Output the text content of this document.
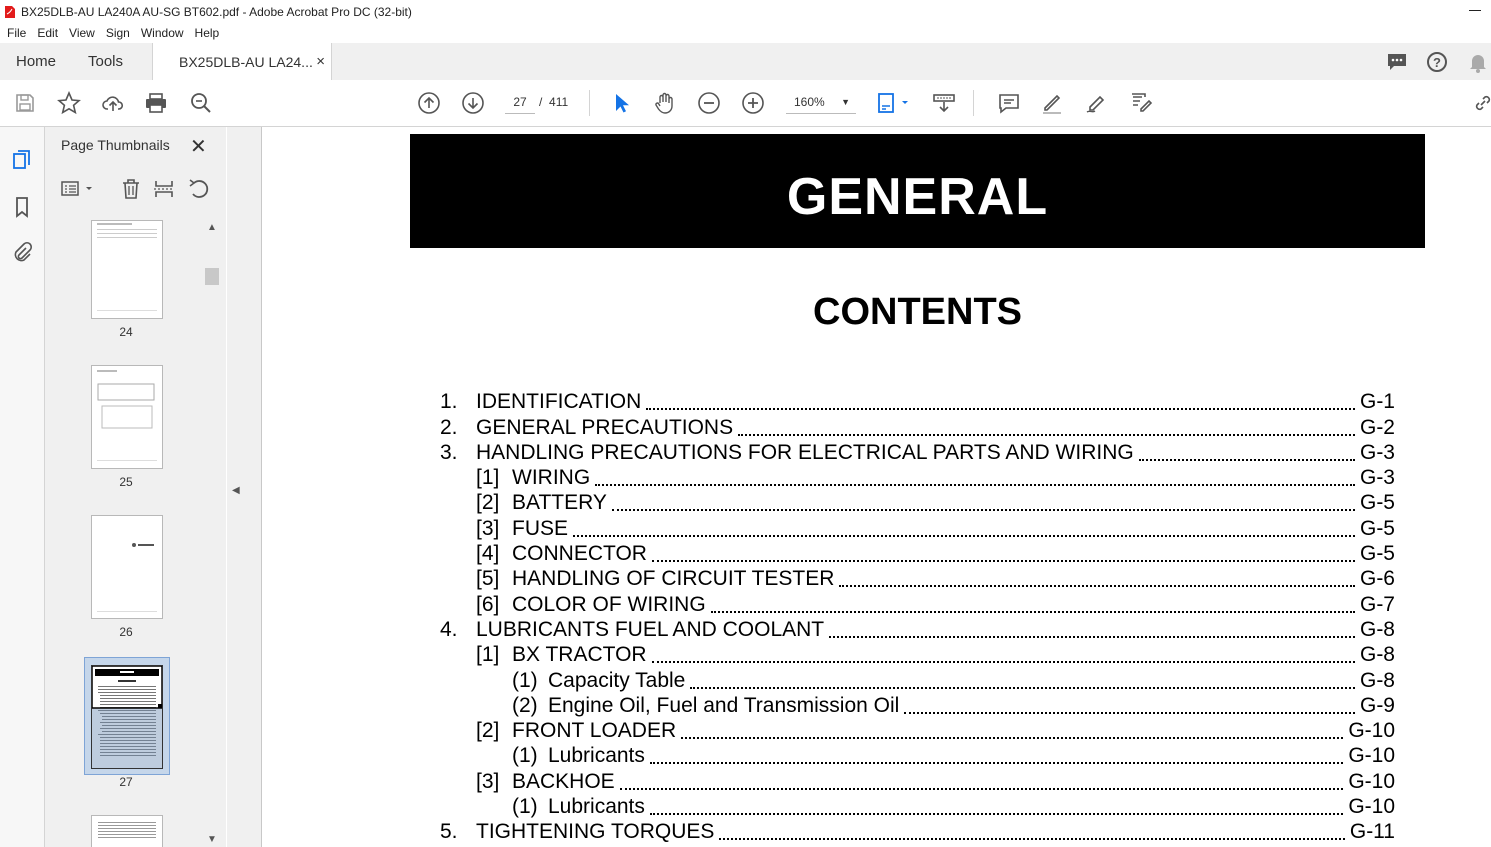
BX25DLB-AU LA240A AU-SG BT602.pdf - Adobe Acrobat Pro DC (32-bit)
File Edit View Sign Window Help
Home Tools	BX25DLB-AU LA24... ×	?
27	/ 411	160% ▼
Page Thumbnails ✕
24
25
26
27
▲
▼
◀
GENERAL
CONTENTS
1. IDENTIFICATION	G-1
2. GENERAL PRECAUTIONS	G-2
3. HANDLING PRECAUTIONS FOR ELECTRICAL PARTS AND WIRING	G-3
[1] WIRING	G-3
[2] BATTERY	G-5
[3] FUSE	G-5
[4] CONNECTOR	G-5
[5] HANDLING OF CIRCUIT TESTER	G-6
[6] COLOR OF WIRING	G-7
4. LUBRICANTS FUEL AND COOLANT	G-8
[1] BX TRACTOR	G-8
(1) Capacity Table	G-8
(2) Engine Oil, Fuel and Transmission Oil	G-9
[2] FRONT LOADER	G-10
(1) Lubricants	G-10
[3] BACKHOE	G-10
(1) Lubricants	G-10
5. TIGHTENING TORQUES	G-11
